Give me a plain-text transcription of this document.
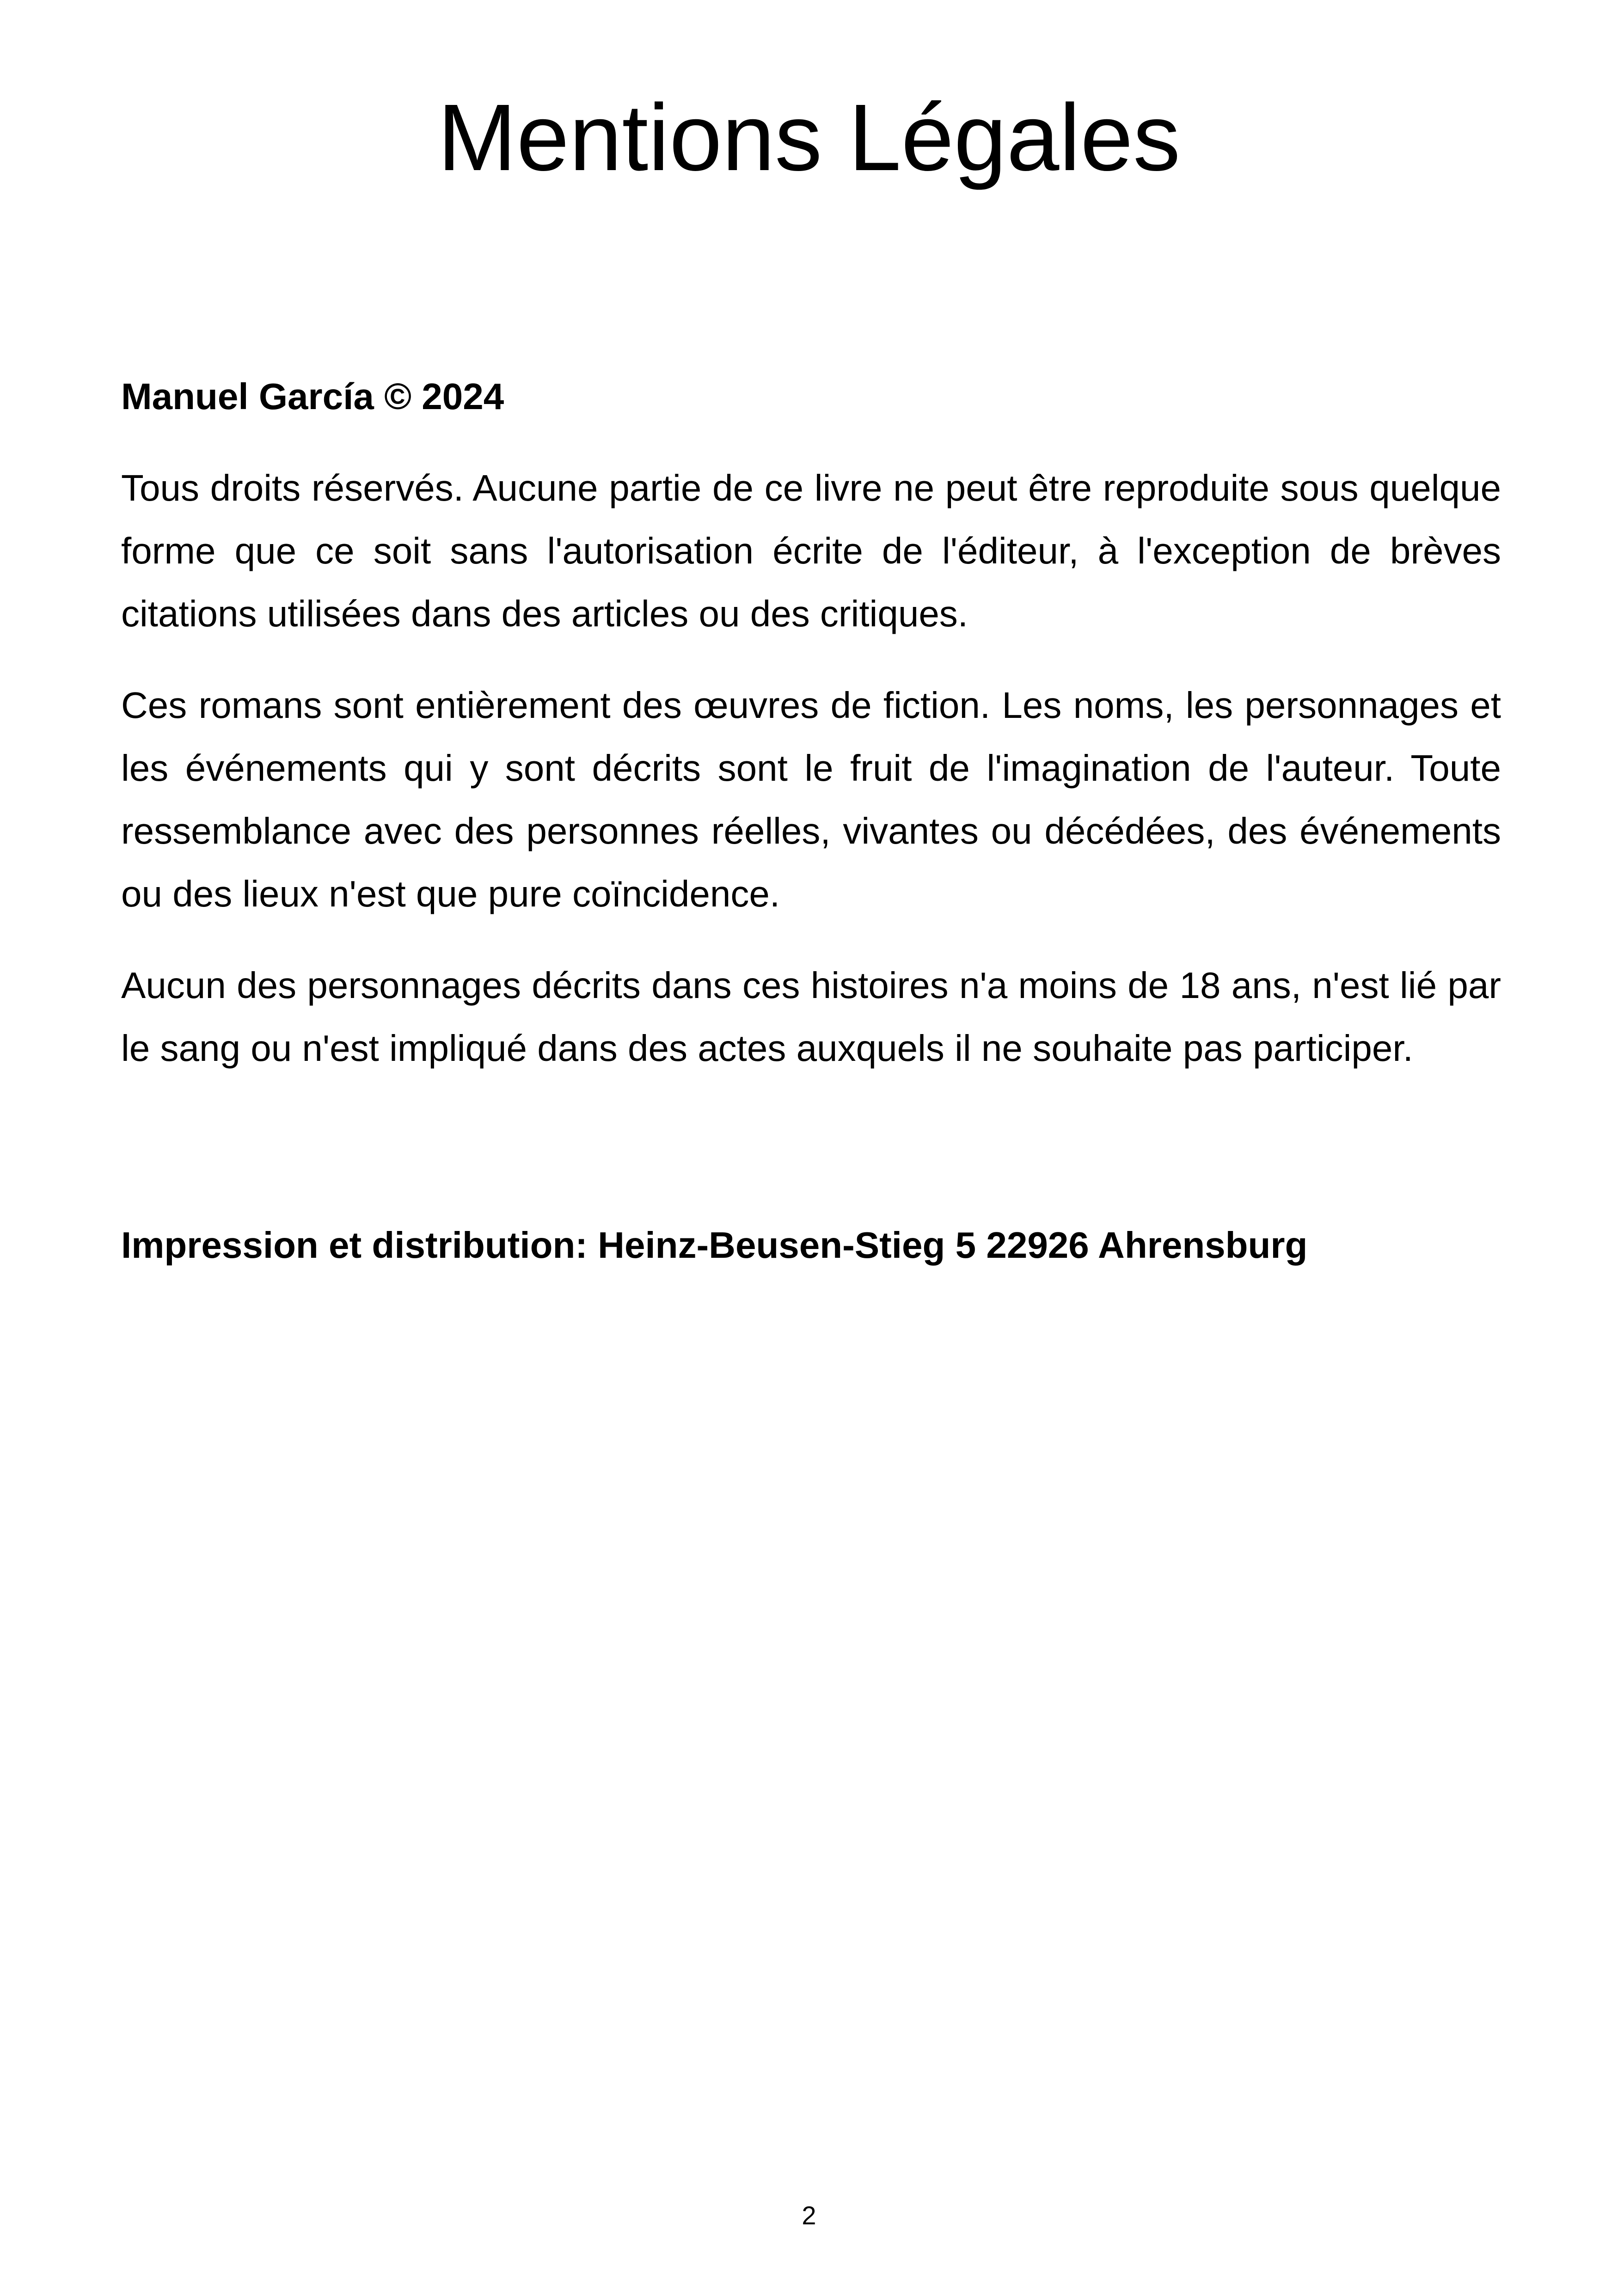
Mentions Légales

Manuel García © 2024

Tous droits réservés. Aucune partie de ce livre ne peut être reproduite sous quelque forme que ce soit sans l'autorisation écrite de l'éditeur, à l'exception de brèves citations utilisées dans des articles ou des critiques.

Ces romans sont entièrement des œuvres de fiction. Les noms, les personnages et les événements qui y sont décrits sont le fruit de l'imagination de l'auteur. Toute ressemblance avec des personnes réelles, vivantes ou décédées, des événements ou des lieux n'est que pure coïncidence.

Aucun des personnages décrits dans ces histoires n'a moins de 18 ans, n'est lié par le sang ou n'est impliqué dans des actes auxquels il ne souhaite pas participer.

Impression et distribution: Heinz-Beusen-Stieg 5 22926 Ahrensburg

2
